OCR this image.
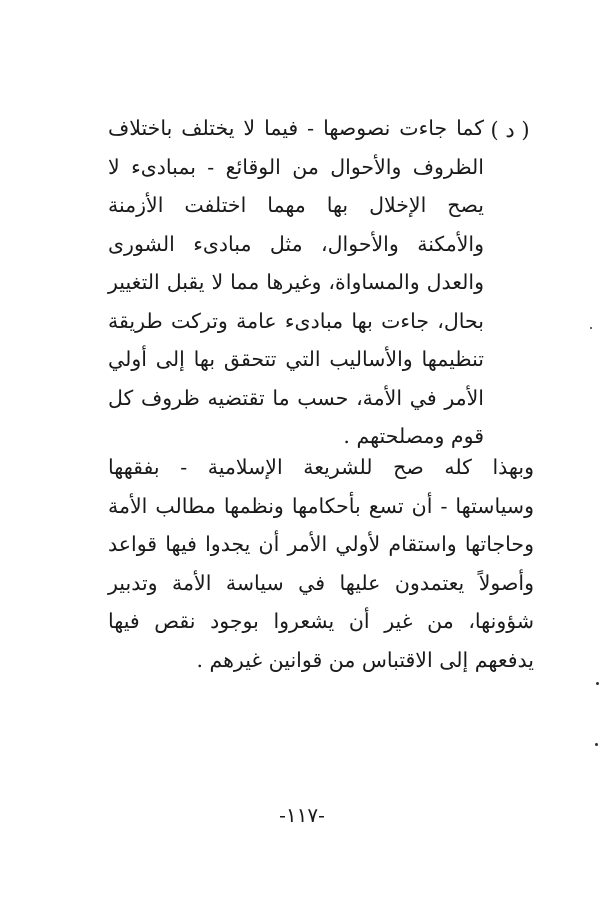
( د )

كما جاءت نصوصها - فيما لا يختلف باختلاف الظروف والأحوال من الوقائع - بمبادىء لا يصح الإخلال بها مهما اختلفت الأزمنة والأمكنة والأحوال، مثل مبادىء الشورى والعدل والمساواة، وغيرها مما لا يقبل التغيير بحال، جاءت بها مبادىء عامة وتركت طريقة تنظيمها والأساليب التي تتحقق بها إلى أولي الأمر في الأمة، حسب ما تقتضيه ظروف كل قوم ومصلحتهم .

وبهذا كله صح للشريعة الإسلامية - بفقهها وسياستها - أن تسع بأحكامها ونظمها مطالب الأمة وحاجاتها واستقام لأولي الأمر أن يجدوا فيها قواعد وأصولاً يعتمدون عليها في سياسة الأمة وتدبير شؤونها، من غير أن يشعروا بوجود نقص فيها يدفعهم إلى الاقتباس من قوانين غيرهم .

-١١٧-
